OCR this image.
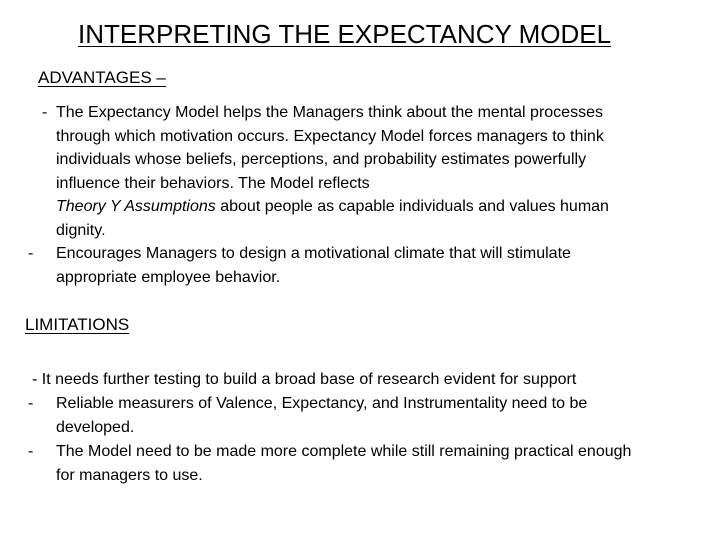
INTERPRETING THE EXPECTANCY MODEL
ADVANTAGES –
- The Expectancy Model helps the Managers think about the mental processes
through which motivation occurs. Expectancy Model forces managers to think
individuals whose beliefs, perceptions, and probability estimates powerfully
influence their behaviors. The Model reflects
Theory Y Assumptions about people as capable individuals and values human
dignity.
- Encourages Managers to design a motivational climate that will stimulate
appropriate employee behavior.
LIMITATIONS
- It needs further testing to build a broad base of research evident for support
- Reliable measurers of Valence, Expectancy, and Instrumentality need to be
developed.
- The Model need to be made more complete while still remaining practical enough
for managers to use.
